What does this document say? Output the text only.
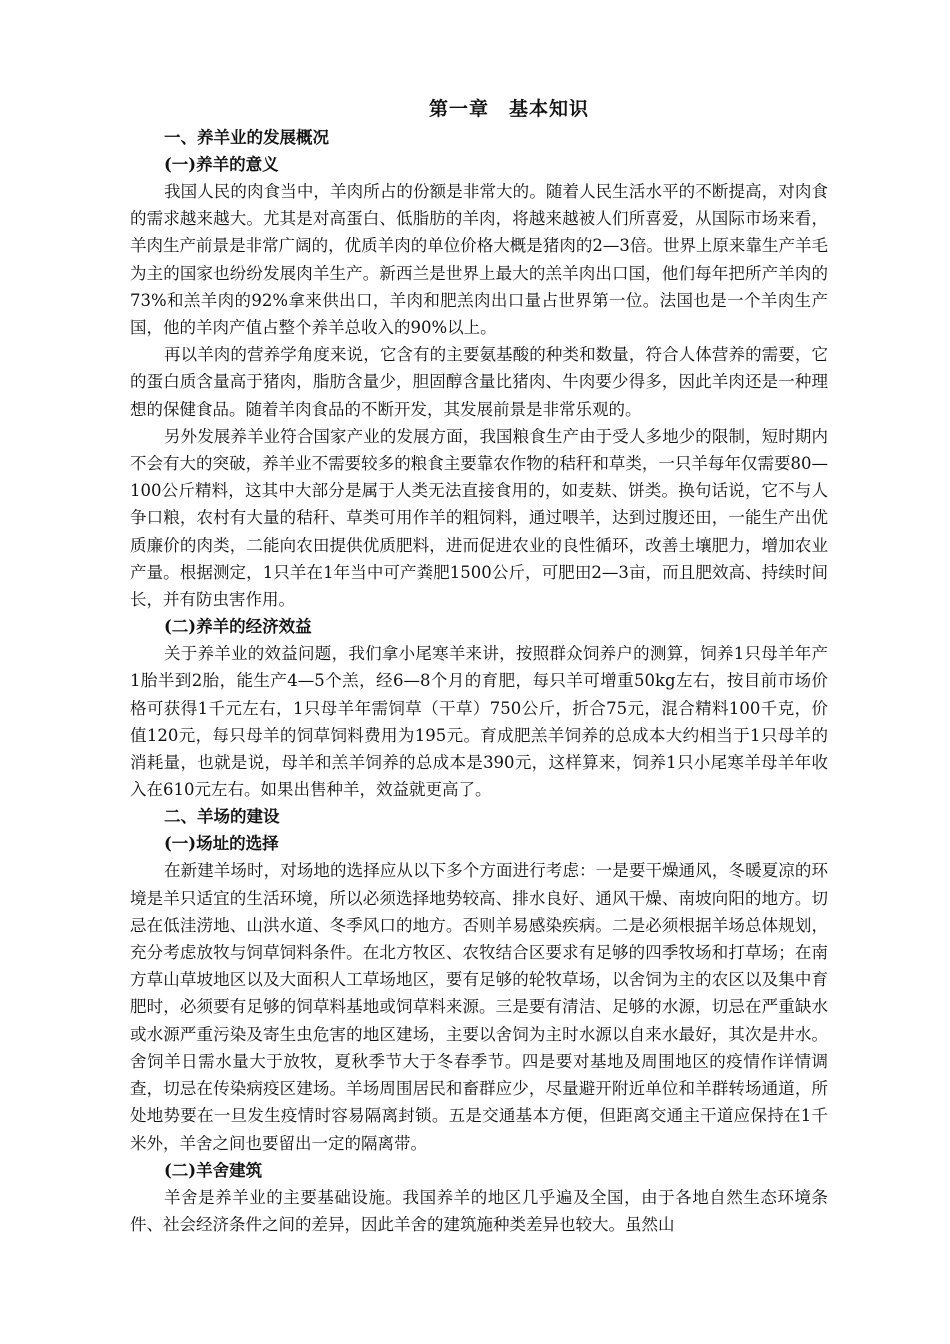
第一章　基本知识
一、养羊业的发展概况
(一)养羊的意义

我国人民的肉食当中，羊肉所占的份额是非常大的。随着人民生活水平的不断提高，对肉食的需求越来越大。尤其是对高蛋白、低脂肪的羊肉，将越来越被人们所喜爱，从国际市场来看，羊肉生产前景是非常广阔的，优质羊肉的单位价格大概是猪肉的2—3倍。世界上原来靠生产羊毛为主的国家也纷纷发展肉羊生产。新西兰是世界上最大的羔羊肉出口国，他们每年把所产羊肉的73%和羔羊肉的92%拿来供出口，羊肉和肥羔肉出口量占世界第一位。法国也是一个羊肉生产国，他的羊肉产值占整个养羊总收入的90%以上。

再以羊肉的营养学角度来说，它含有的主要氨基酸的种类和数量，符合人体营养的需要，它的蛋白质含量高于猪肉，脂肪含量少，胆固醇含量比猪肉、牛肉要少得多，因此羊肉还是一种理想的保健食品。随着羊肉食品的不断开发，其发展前景是非常乐观的。

另外发展养羊业符合国家产业的发展方面，我国粮食生产由于受人多地少的限制，短时期内不会有大的突破，养羊业不需要较多的粮食主要靠农作物的秸秆和草类，一只羊每年仅需要80—100公斤精料，这其中大部分是属于人类无法直接食用的，如麦麸、饼类。换句话说，它不与人争口粮，农村有大量的秸秆、草类可用作羊的粗饲料，通过喂羊，达到过腹还田，一能生产出优质廉价的肉类，二能向农田提供优质肥料，进而促进农业的良性循环，改善土壤肥力，增加农业产量。根据测定，1只羊在1年当中可产粪肥1500公斤，可肥田2—3亩，而且肥效高、持续时间长，并有防虫害作用。

(二)养羊的经济效益

关于养羊业的效益问题，我们拿小尾寒羊来讲，按照群众饲养户的测算，饲养1只母羊年产1胎半到2胎，能生产4—5个羔，经6—8个月的育肥，每只羊可增重50kg左右，按目前市场价格可获得1千元左右，1只母羊年需饲草（干草）750公斤，折合75元，混合精料100千克，价值120元，每只母羊的饲草饲料费用为195元。育成肥羔羊饲养的总成本大约相当于1只母羊的消耗量，也就是说，母羊和羔羊饲养的总成本是390元，这样算来，饲养1只小尾寒羊母羊年收入在610元左右。如果出售种羊，效益就更高了。

二、羊场的建设
(一)场址的选择

在新建羊场时，对场地的选择应从以下多个方面进行考虑：一是要干燥通风，冬暖夏凉的环境是羊只适宜的生活环境，所以必须选择地势较高、排水良好、通风干燥、南坡向阳的地方。切忌在低洼涝地、山洪水道、冬季风口的地方。否则羊易感染疾病。二是必须根据羊场总体规划，充分考虑放牧与饲草饲料条件。在北方牧区、农牧结合区要求有足够的四季牧场和打草场；在南方草山草坡地区以及大面积人工草场地区，要有足够的轮牧草场，以舍饲为主的农区以及集中育肥时，必须要有足够的饲草料基地或饲草料来源。三是要有清洁、足够的水源，切忌在严重缺水或水源严重污染及寄生虫危害的地区建场，主要以舍饲为主时水源以自来水最好，其次是井水。舍饲羊日需水量大于放牧，夏秋季节大于冬春季节。四是要对基地及周围地区的疫情作详情调查，切忌在传染病疫区建场。羊场周围居民和畜群应少，尽量避开附近单位和羊群转场通道，所处地势要在一旦发生疫情时容易隔离封锁。五是交通基本方便，但距离交通主干道应保持在1千米外，羊舍之间也要留出一定的隔离带。

(二)羊舍建筑

羊舍是养羊业的主要基础设施。我国养羊的地区几乎遍及全国，由于各地自然生态环境条件、社会经济条件之间的差异，因此羊舍的建筑施种类差异也较大。虽然山
